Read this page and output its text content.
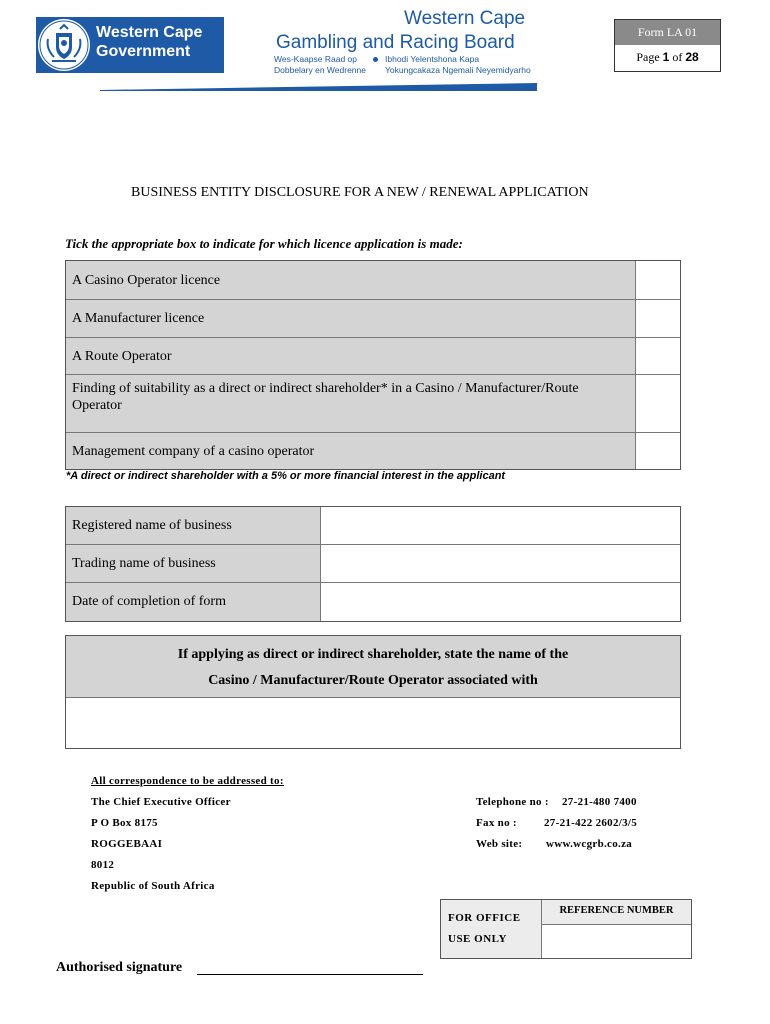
Western Cape
Government
Western Cape
Gambling and Racing Board
Wes-Kaapse Raad op
Dobbelary en Wedrenne
Ibhodi Yelentshona Kapa
Yokungcakaza Ngemali Neyemidyarho
Form LA 01
Page 1 of 28
BUSINESS ENTITY DISCLOSURE FOR A NEW / RENEWAL APPLICATION
Tick the appropriate box to indicate for which licence application is made:
A Casino Operator licence
A Manufacturer licence
A Route Operator
Finding of suitability as a direct or indirect shareholder* in a Casino / Manufacturer/Route Operator
Management company of a casino operator
*A direct or indirect shareholder with a 5% or more financial interest in the applicant
Registered name of business
Trading name of business
Date of completion of form
If applying as direct or indirect shareholder, state the name of the
Casino / Manufacturer/Route Operator associated with
All correspondence to be addressed to:
The Chief Executive Officer
P O Box 8175
ROGGEBAAI
8012
Republic of South Africa
Telephone no : 27-21-480 7400
Fax no : 27-21-422 2602/3/5
Web site: www.wcgrb.co.za
FOR OFFICE
USE ONLY
REFERENCE NUMBER
Authorised signature
